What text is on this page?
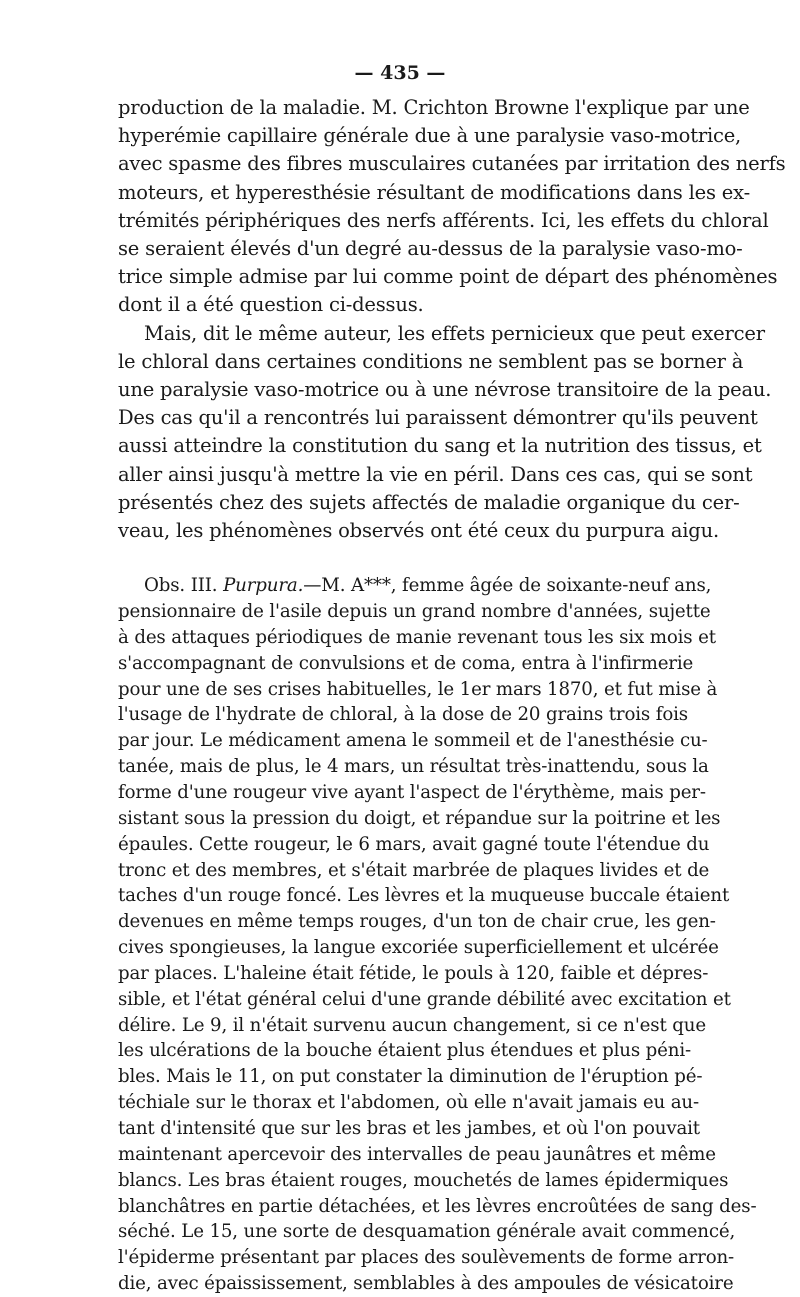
— 435 —
production de la maladie. M. Crichton Browne l'explique par une
hyperémie capillaire générale due à une paralysie vaso-motrice,
avec spasme des fibres musculaires cutanées par irritation des nerfs
moteurs, et hyperesthésie résultant de modifications dans les ex-
trémités périphériques des nerfs afférents. Ici, les effets du chloral
se seraient élevés d'un degré au-dessus de la paralysie vaso-mo-
trice simple admise par lui comme point de départ des phénomènes
dont il a été question ci-dessus.
Mais, dit le même auteur, les effets pernicieux que peut exercer
le chloral dans certaines conditions ne semblent pas se borner à
une paralysie vaso-motrice ou à une névrose transitoire de la peau.
Des cas qu'il a rencontrés lui paraissent démontrer qu'ils peuvent
aussi atteindre la constitution du sang et la nutrition des tissus, et
aller ainsi jusqu'à mettre la vie en péril. Dans ces cas, qui se sont
présentés chez des sujets affectés de maladie organique du cer-
veau, les phénomènes observés ont été ceux du purpura aigu.
Obs. III. Purpura.—M. A***, femme âgée de soixante-neuf ans,
pensionnaire de l'asile depuis un grand nombre d'années, sujette
à des attaques périodiques de manie revenant tous les six mois et
s'accompagnant de convulsions et de coma, entra à l'infirmerie
pour une de ses crises habituelles, le 1er mars 1870, et fut mise à
l'usage de l'hydrate de chloral, à la dose de 20 grains trois fois
par jour. Le médicament amena le sommeil et de l'anesthésie cu-
tanée, mais de plus, le 4 mars, un résultat très-inattendu, sous la
forme d'une rougeur vive ayant l'aspect de l'érythème, mais per-
sistant sous la pression du doigt, et répandue sur la poitrine et les
épaules. Cette rougeur, le 6 mars, avait gagné toute l'étendue du
tronc et des membres, et s'était marbrée de plaques livides et de
taches d'un rouge foncé. Les lèvres et la muqueuse buccale étaient
devenues en même temps rouges, d'un ton de chair crue, les gen-
cives spongieuses, la langue excoriée superficiellement et ulcérée
par places. L'haleine était fétide, le pouls à 120, faible et dépres-
sible, et l'état général celui d'une grande débilité avec excitation et
délire. Le 9, il n'était survenu aucun changement, si ce n'est que
les ulcérations de la bouche étaient plus étendues et plus péni-
bles. Mais le 11, on put constater la diminution de l'éruption pé-
téchiale sur le thorax et l'abdomen, où elle n'avait jamais eu au-
tant d'intensité que sur les bras et les jambes, et où l'on pouvait
maintenant apercevoir des intervalles de peau jaunâtres et même
blancs. Les bras étaient rouges, mouchetés de lames épidermiques
blanchâtres en partie détachées, et les lèvres encroûtées de sang des-
séché. Le 15, une sorte de desquamation générale avait commencé,
l'épiderme présentant par places des soulèvements de forme arron-
die, avec épaississement, semblables à des ampoules de vésicatoire
